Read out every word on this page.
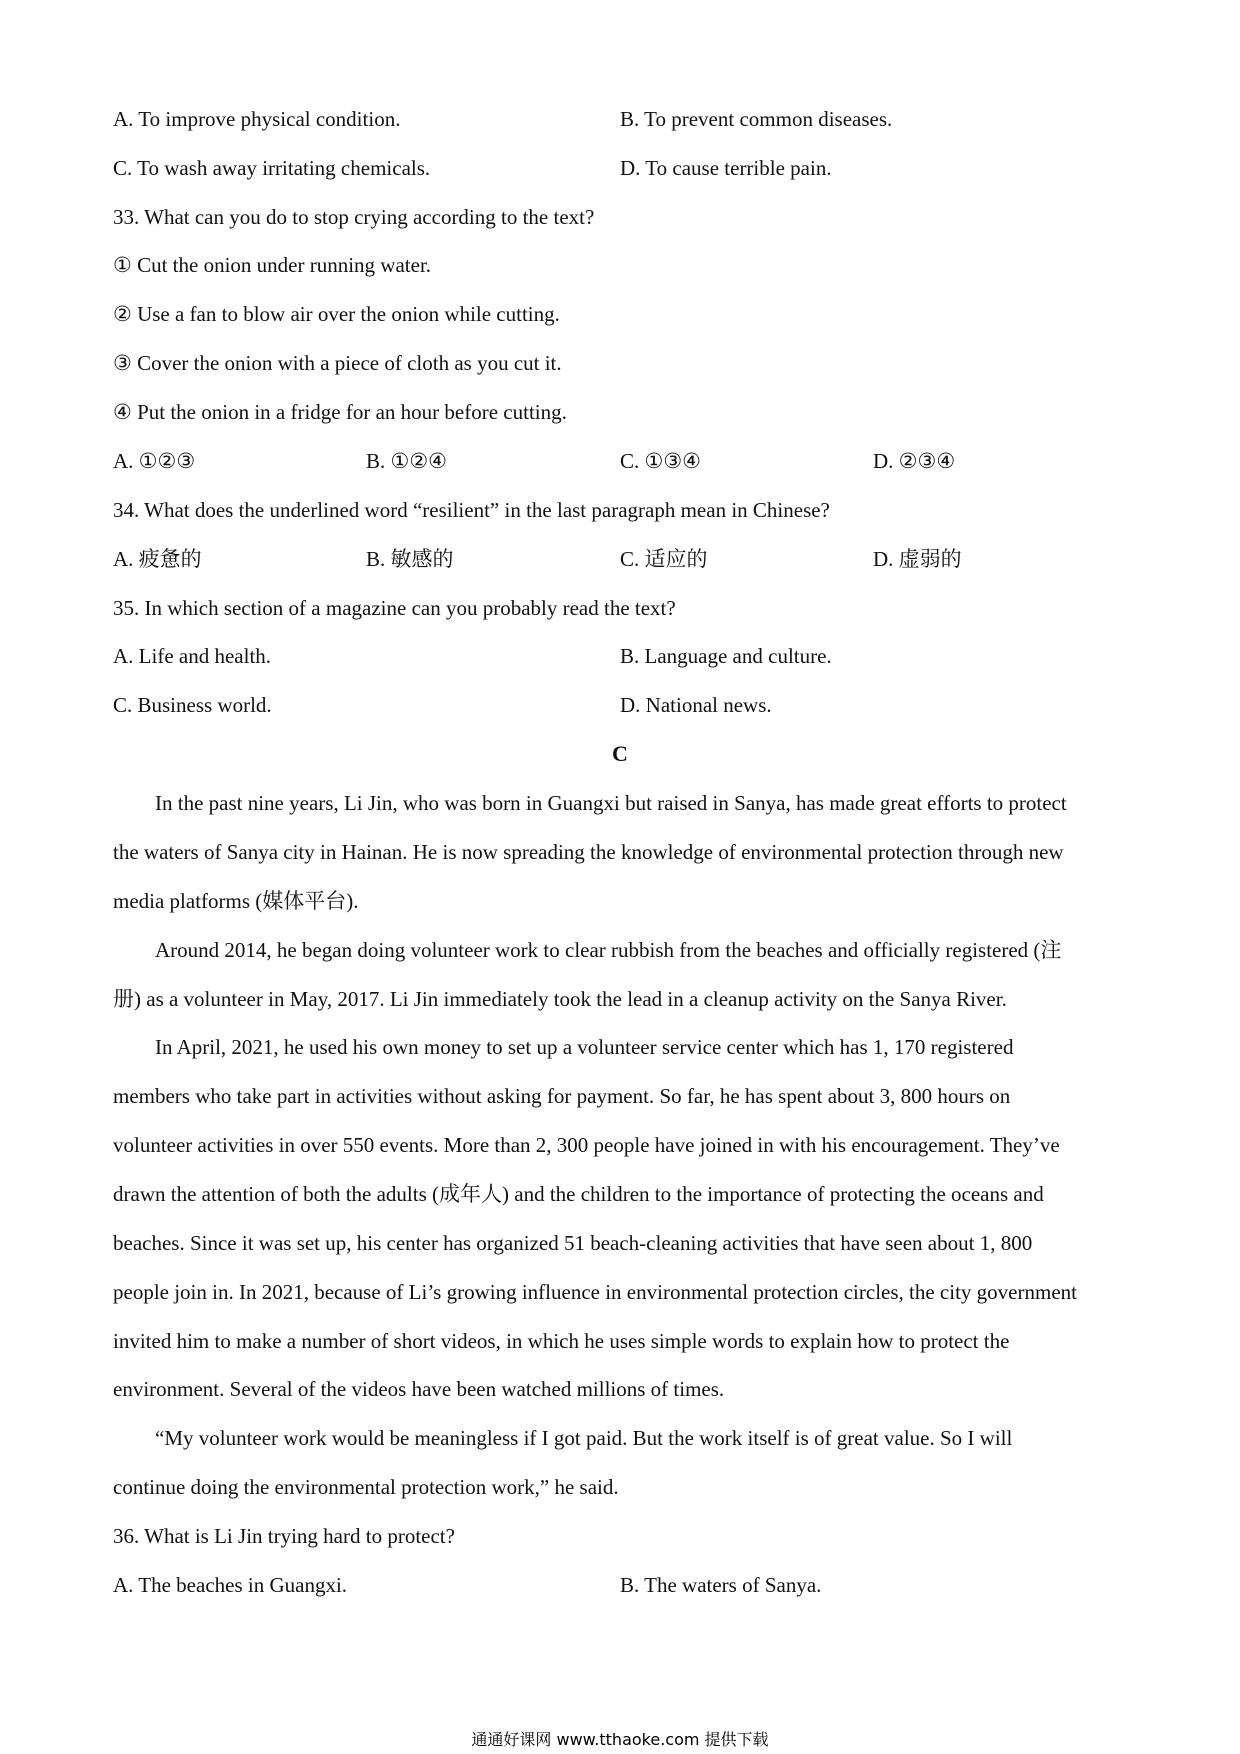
A. To improve physical condition.	B. To prevent common diseases.
C. To wash away irritating chemicals.	D. To cause terrible pain.
33. What can you do to stop crying according to the text?
① Cut the onion under running water.
② Use a fan to blow air over the onion while cutting.
③ Cover the onion with a piece of cloth as you cut it.
④ Put the onion in a fridge for an hour before cutting.
A. ①②③	B. ①②④	C. ①③④	D. ②③④
34. What does the underlined word “resilient” in the last paragraph mean in Chinese?
A. 疲惫的	B. 敏感的	C. 适应的	D. 虚弱的
35. In which section of a magazine can you probably read the text?
A. Life and health.	B. Language and culture.
C. Business world.	D. National news.
C
In the past nine years, Li Jin, who was born in Guangxi but raised in Sanya, has made great efforts to protect
the waters of Sanya city in Hainan. He is now spreading the knowledge of environmental protection through new
media platforms (媒体平台).
Around 2014, he began doing volunteer work to clear rubbish from the beaches and officially registered (注
册) as a volunteer in May, 2017. Li Jin immediately took the lead in a cleanup activity on the Sanya River.
In April, 2021, he used his own money to set up a volunteer service center which has 1, 170 registered
members who take part in activities without asking for payment. So far, he has spent about 3, 800 hours on
volunteer activities in over 550 events. More than 2, 300 people have joined in with his encouragement. They’ve
drawn the attention of both the adults (成年人) and the children to the importance of protecting the oceans and
beaches. Since it was set up, his center has organized 51 beach-cleaning activities that have seen about 1, 800
people join in. In 2021, because of Li’s growing influence in environmental protection circles, the city government
invited him to make a number of short videos, in which he uses simple words to explain how to protect the
environment. Several of the videos have been watched millions of times.
“My volunteer work would be meaningless if I got paid. But the work itself is of great value. So I will
continue doing the environmental protection work,” he said.
36. What is Li Jin trying hard to protect?
A. The beaches in Guangxi.	B. The waters of Sanya.
通通好课网 www.tthaoke.com 提供下载
